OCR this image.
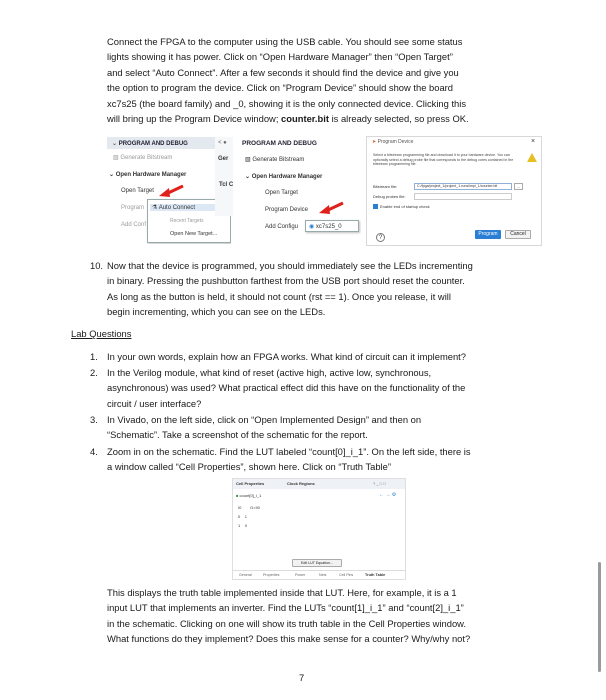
Connect the FPGA to the computer using the USB cable. You should see some status
lights showing it has power. Click on “Open Hardware Manager” then “Open Target”
and select “Auto Connect”. After a few seconds it should find the device and give you
the option to program the device. Click on “Program Device” should show the board
xc7s25 (the board family) and _0, showing it is the only connected device. Clicking this
will bring up the Program Device window; counter.bit is already selected, so press OK.
⌄ PROGRAM AND DEBUG
▧ Generate Bitstream
⌄ Open Hardware Manager
Open Target
Program
Add Conf
⚗ Auto Connect
Recent Targets
Open New Target...
< ●
Ger
Tcl C
PROGRAM AND DEBUG
▧ Generate Bitstream
⌄ Open Hardware Manager
Open Target
Program Device
Add Configu ◉ xc7s25_0
➤ Program Device	×
Select a bitstream programming file and download it to your hardware device. You can optionally select a debug probe file that corresponds to the debug cores contained in the bitstream programming file.
Bitstream file:	C:/fpga/project_1/project_1.runs/impl_1/counter.bit	...
Debug probes file:
Enable end of startup check
?
Program	Cancel
10. Now that the device is programmed, you should immediately see the LEDs incrementing
in binary. Pressing the pushbutton farthest from the USB port should reset the counter.
As long as the button is held, it should not count (rst == 1). Once you release, it will
begin incrementing, which you can see on the LEDs.
Lab Questions
1. In your own words, explain how an FPGA works. What kind of circuit can it implement?
2. In the Verilog module, what kind of reset (active high, active low, synchronous,
asynchronous) was used? What practical effect did this have on the functionality of the
circuit / user interface?
3. In Vivado, on the left side, click on “Open Implemented Design” and then on
“Schematic”. Take a screenshot of the schematic for the report.
4. Zoom in on the schematic. Find the LUT labeled “count[0]_i_1”. On the left side, there is
a window called “Cell Properties”, shown here. Click on “Truth Table”
Cell Properties	Clock Regions	? _ □ □
■ count[0]_i_1	← → ⚙
I0 O=!I0
0 1
1 0
Edit LUT Equation...
General	Properties	Power	Nets	Cell Pins	Truth Table
This displays the truth table implemented inside that LUT. Here, for example, it is a 1
input LUT that implements an inverter. Find the LUTs “count[1]_i_1” and “count[2]_i_1”
in the schematic. Clicking on one will show its truth table in the Cell Properties window.
What functions do they implement? Does this make sense for a counter? Why/why not?
7
